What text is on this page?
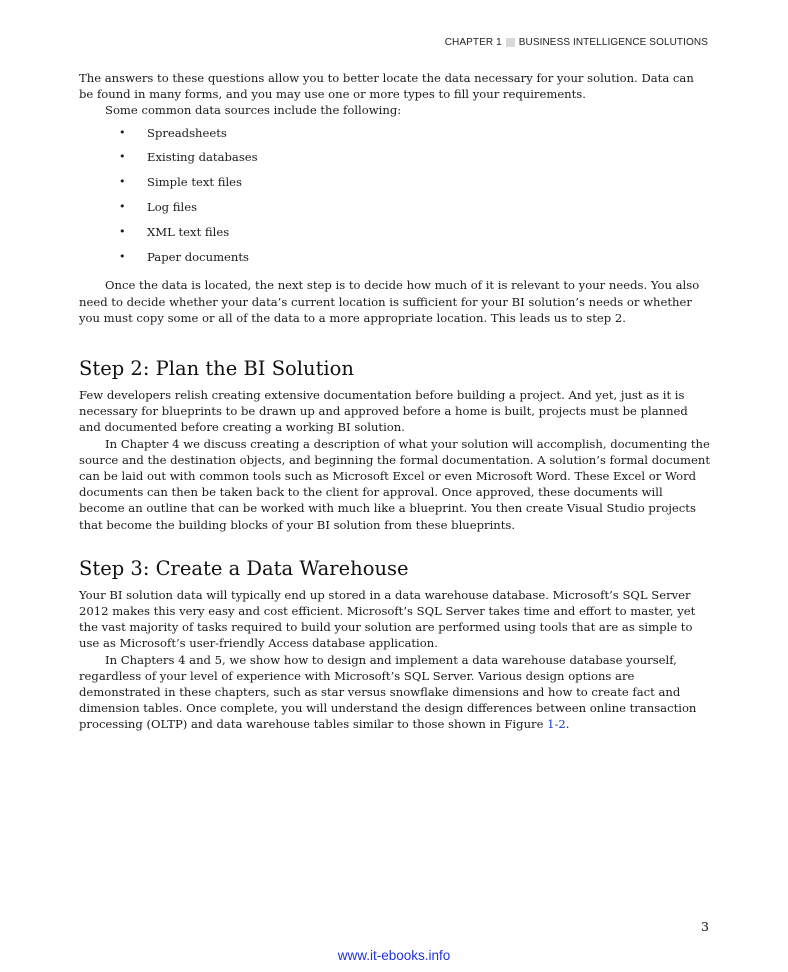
CHAPTER 1 BUSINESS INTELLIGENCE SOLUTIONS

The answers to these questions allow you to better locate the data necessary for your solution. Data can be found in many forms, and you may use one or more types to fill your requirements.

Some common data sources include the following:

• Spreadsheets
• Existing databases
• Simple text files
• Log files
• XML text files
• Paper documents

Once the data is located, the next step is to decide how much of it is relevant to your needs. You also need to decide whether your data’s current location is sufficient for your BI solution’s needs or whether you must copy some or all of the data to a more appropriate location. This leads us to step 2.

Step 2: Plan the BI Solution

Few developers relish creating extensive documentation before building a project. And yet, just as it is necessary for blueprints to be drawn up and approved before a home is built, projects must be planned and documented before creating a working BI solution.

In Chapter 4 we discuss creating a description of what your solution will accomplish, documenting the source and the destination objects, and beginning the formal documentation. A solution’s formal document can be laid out with common tools such as Microsoft Excel or even Microsoft Word. These Excel or Word documents can then be taken back to the client for approval. Once approved, these documents will become an outline that can be worked with much like a blueprint. You then create Visual Studio projects that become the building blocks of your BI solution from these blueprints.

Step 3: Create a Data Warehouse

Your BI solution data will typically end up stored in a data warehouse database. Microsoft’s SQL Server 2012 makes this very easy and cost efficient. Microsoft’s SQL Server takes time and effort to master, yet the vast majority of tasks required to build your solution are performed using tools that are as simple to use as Microsoft’s user-friendly Access database application.

In Chapters 4 and 5, we show how to design and implement a data warehouse database yourself, regardless of your level of experience with Microsoft’s SQL Server. Various design options are demonstrated in these chapters, such as star versus snowflake dimensions and how to create fact and dimension tables. Once complete, you will understand the design differences between online transaction processing (OLTP) and data warehouse tables similar to those shown in Figure 1-2.

3
www.it-ebooks.info
